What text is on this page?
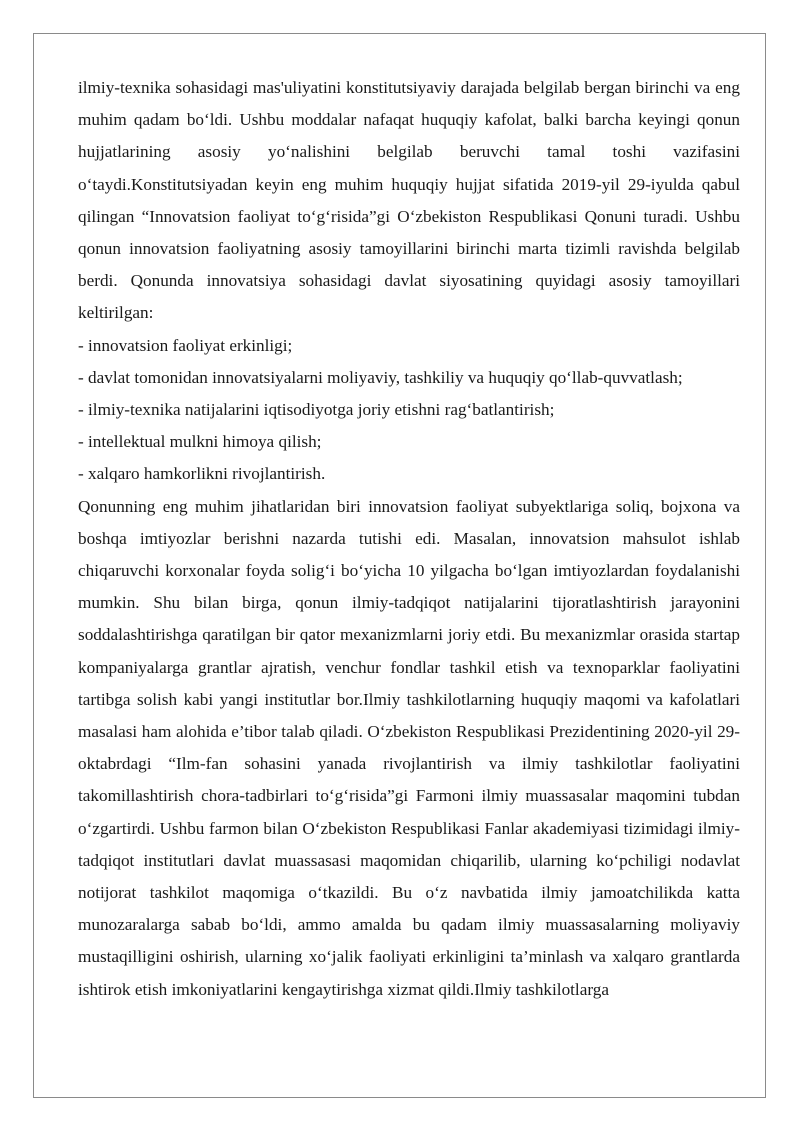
ilmiy-texnika sohasidagi mas'uliyatini konstitutsiyaviy darajada belgilab bergan birinchi va eng muhim qadam bo‘ldi. Ushbu moddalar nafaqat huquqiy kafolat, balki barcha keyingi qonun hujjatlarining asosiy yo‘nalishini belgilab beruvchi tamal toshi vazifasini o‘taydi.Konstitutsiyadan keyin eng muhim huquqiy hujjat sifatida 2019-yil 29-iyulda qabul qilingan “Innovatsion faoliyat to‘g‘risida”gi O‘zbekiston Respublikasi Qonuni turadi. Ushbu qonun innovatsion faoliyatning asosiy tamoyillarini birinchi marta tizimli ravishda belgilab berdi. Qonunda innovatsiya sohasidagi davlat siyosatining quyidagi asosiy tamoyillari keltirilgan:

- innovatsion faoliyat erkinligi;

- davlat tomonidan innovatsiyalarni moliyaviy, tashkiliy va huquqiy qo‘llab-quvvatlash;

- ilmiy-texnika natijalarini iqtisodiyotga joriy etishni rag‘batlantirish;

- intellektual mulkni himoya qilish;

- xalqaro hamkorlikni rivojlantirish.

Qonunning eng muhim jihatlaridan biri innovatsion faoliyat subyektlariga soliq, bojxona va boshqa imtiyozlar berishni nazarda tutishi edi. Masalan, innovatsion mahsulot ishlab chiqaruvchi korxonalar foyda solig‘i bo‘yicha 10 yilgacha bo‘lgan imtiyozlardan foydalanishi mumkin. Shu bilan birga, qonun ilmiy-tadqiqot natijalarini tijoratlashtirish jarayonini soddalashtirishga qaratilgan bir qator mexanizmlarni joriy etdi. Bu mexanizmlar orasida startap kompaniyalarga grantlar ajratish, venchur fondlar tashkil etish va texnoparklar faoliyatini tartibga solish kabi yangi institutlar bor.Ilmiy tashkilotlarning huquqiy maqomi va kafolatlari masalasi ham alohida e’tibor talab qiladi. O‘zbekiston Respublikasi Prezidentining 2020-yil 29-oktabrdagi “Ilm-fan sohasini yanada rivojlantirish va ilmiy tashkilotlar faoliyatini takomillashtirish chora-tadbirlari to‘g‘risida”gi Farmoni ilmiy muassasalar maqomini tubdan o‘zgartirdi. Ushbu farmon bilan O‘zbekiston Respublikasi Fanlar akademiyasi tizimidagi ilmiy-tadqiqot institutlari davlat muassasasi maqomidan chiqarilib, ularning ko‘pchiligi nodavlat notijorat tashkilot maqomiga o‘tkazildi. Bu o‘z navbatida ilmiy jamoatchilikda katta munozaralarga sabab bo‘ldi, ammo amalda bu qadam ilmiy muassasalarning moliyaviy mustaqilligini oshirish, ularning xo‘jalik faoliyati erkinligini ta’minlash va xalqaro grantlarda ishtirok etish imkoniyatlarini kengaytirishga xizmat qildi.Ilmiy tashkilotlarga
